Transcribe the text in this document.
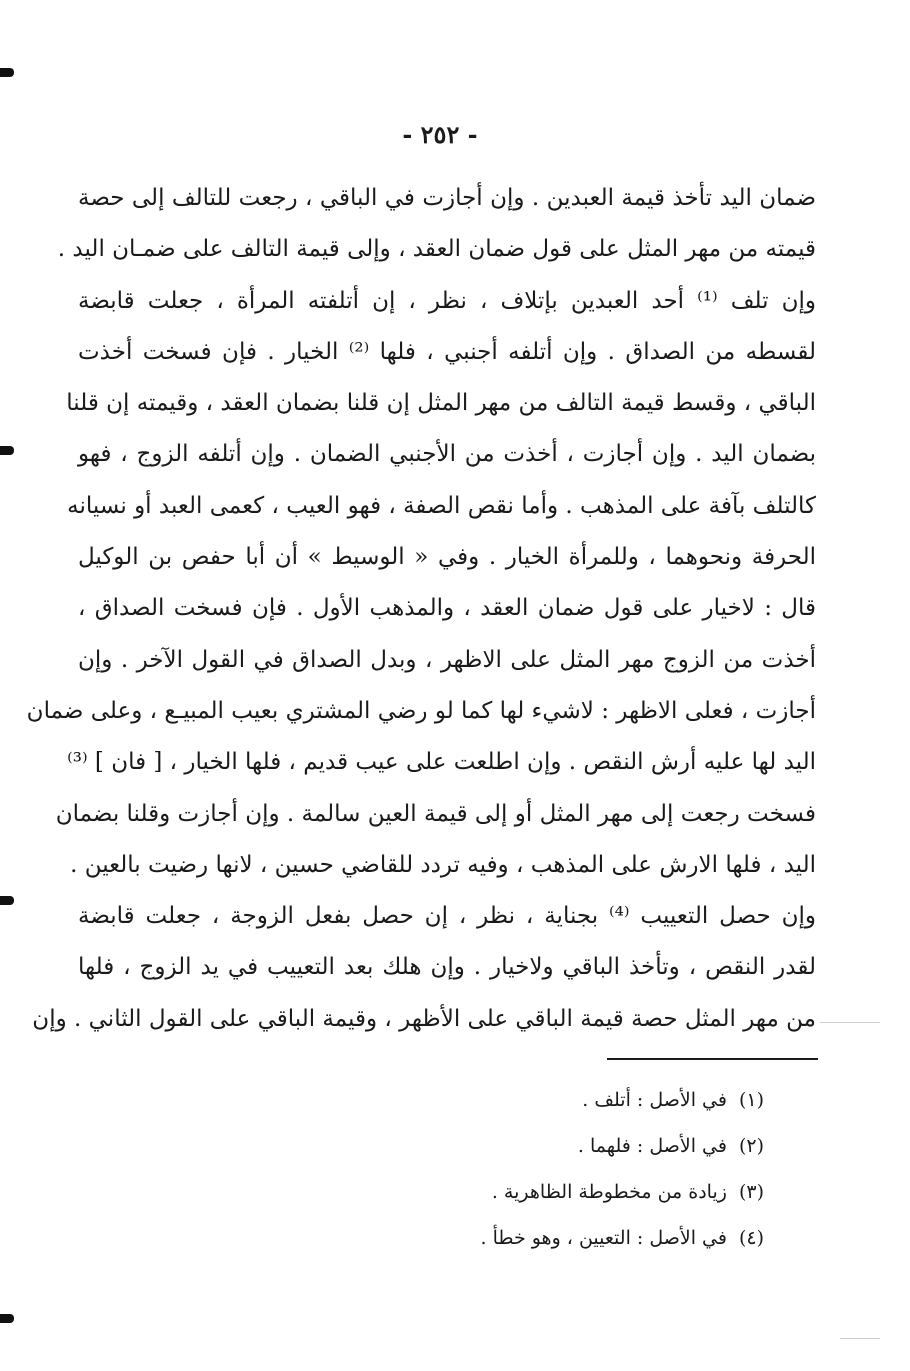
- ٢٥٢ -
ضمان اليد تأخذ قيمة العبدين . وإن أجازت في الباقي ، رجعت للتالف إلى حصة
قيمته من مهر المثل على قول ضمان العقد ، وإلى قيمة التالف على ضمـان اليد .
وإن تلف ⁽¹⁾ أحد العبدين بإتلاف ، نظر ، إن أتلفته المرأة ، جعلت قابضة
لقسطه من الصداق . وإن أتلفه أجنبي ، فلها ⁽²⁾ الخيار . فإن فسخت أخذت
الباقي ، وقسط قيمة التالف من مهر المثل إن قلنا بضمان العقد ، وقيمته إن قلنا
بضمان اليد . وإن أجازت ، أخذت من الأجنبي الضمان . وإن أتلفه الزوج ، فهو
كالتلف بآفة على المذهب . وأما نقص الصفة ، فهو العيب ، كعمى العبد أو نسيانه
الحرفة ونحوهما ، وللمرأة الخيار . وفي « الوسيط » أن أبا حفص بن الوكيل
قال : لاخيار على قول ضمان العقد ، والمذهب الأول . فإن فسخت الصداق ،
أخذت من الزوج مهر المثل على الاظهر ، وبدل الصداق في القول الآخر . وإن
أجازت ، فعلى الاظهر : لاشيء لها كما لو رضي المشتري بعيب المبيـع ، وعلى ضمان
اليد لها عليه أرش النقص . وإن اطلعت على عيب قديم ، فلها الخيار ، [ فان ] ⁽³⁾
فسخت رجعت إلى مهر المثل أو إلى قيمة العين سالمة . وإن أجازت وقلنا بضمان
اليد ، فلها الارش على المذهب ، وفيه تردد للقاضي حسين ، لانها رضيت بالعين .
وإن حصل التعييب ⁽⁴⁾ بجناية ، نظر ، إن حصل بفعل الزوجة ، جعلت قابضة
لقدر النقص ، وتأخذ الباقي ولاخيار . وإن هلك بعد التعييب في يد الزوج ، فلها
من مهر المثل حصة قيمة الباقي على الأظهر ، وقيمة الباقي على القول الثاني . وإن
(١)في الأصل : أتلف .
(٢)في الأصل : فلهما .
(٣)زيادة من مخطوطة الظاهرية .
(٤)في الأصل : التعيين ، وهو خطأ .
